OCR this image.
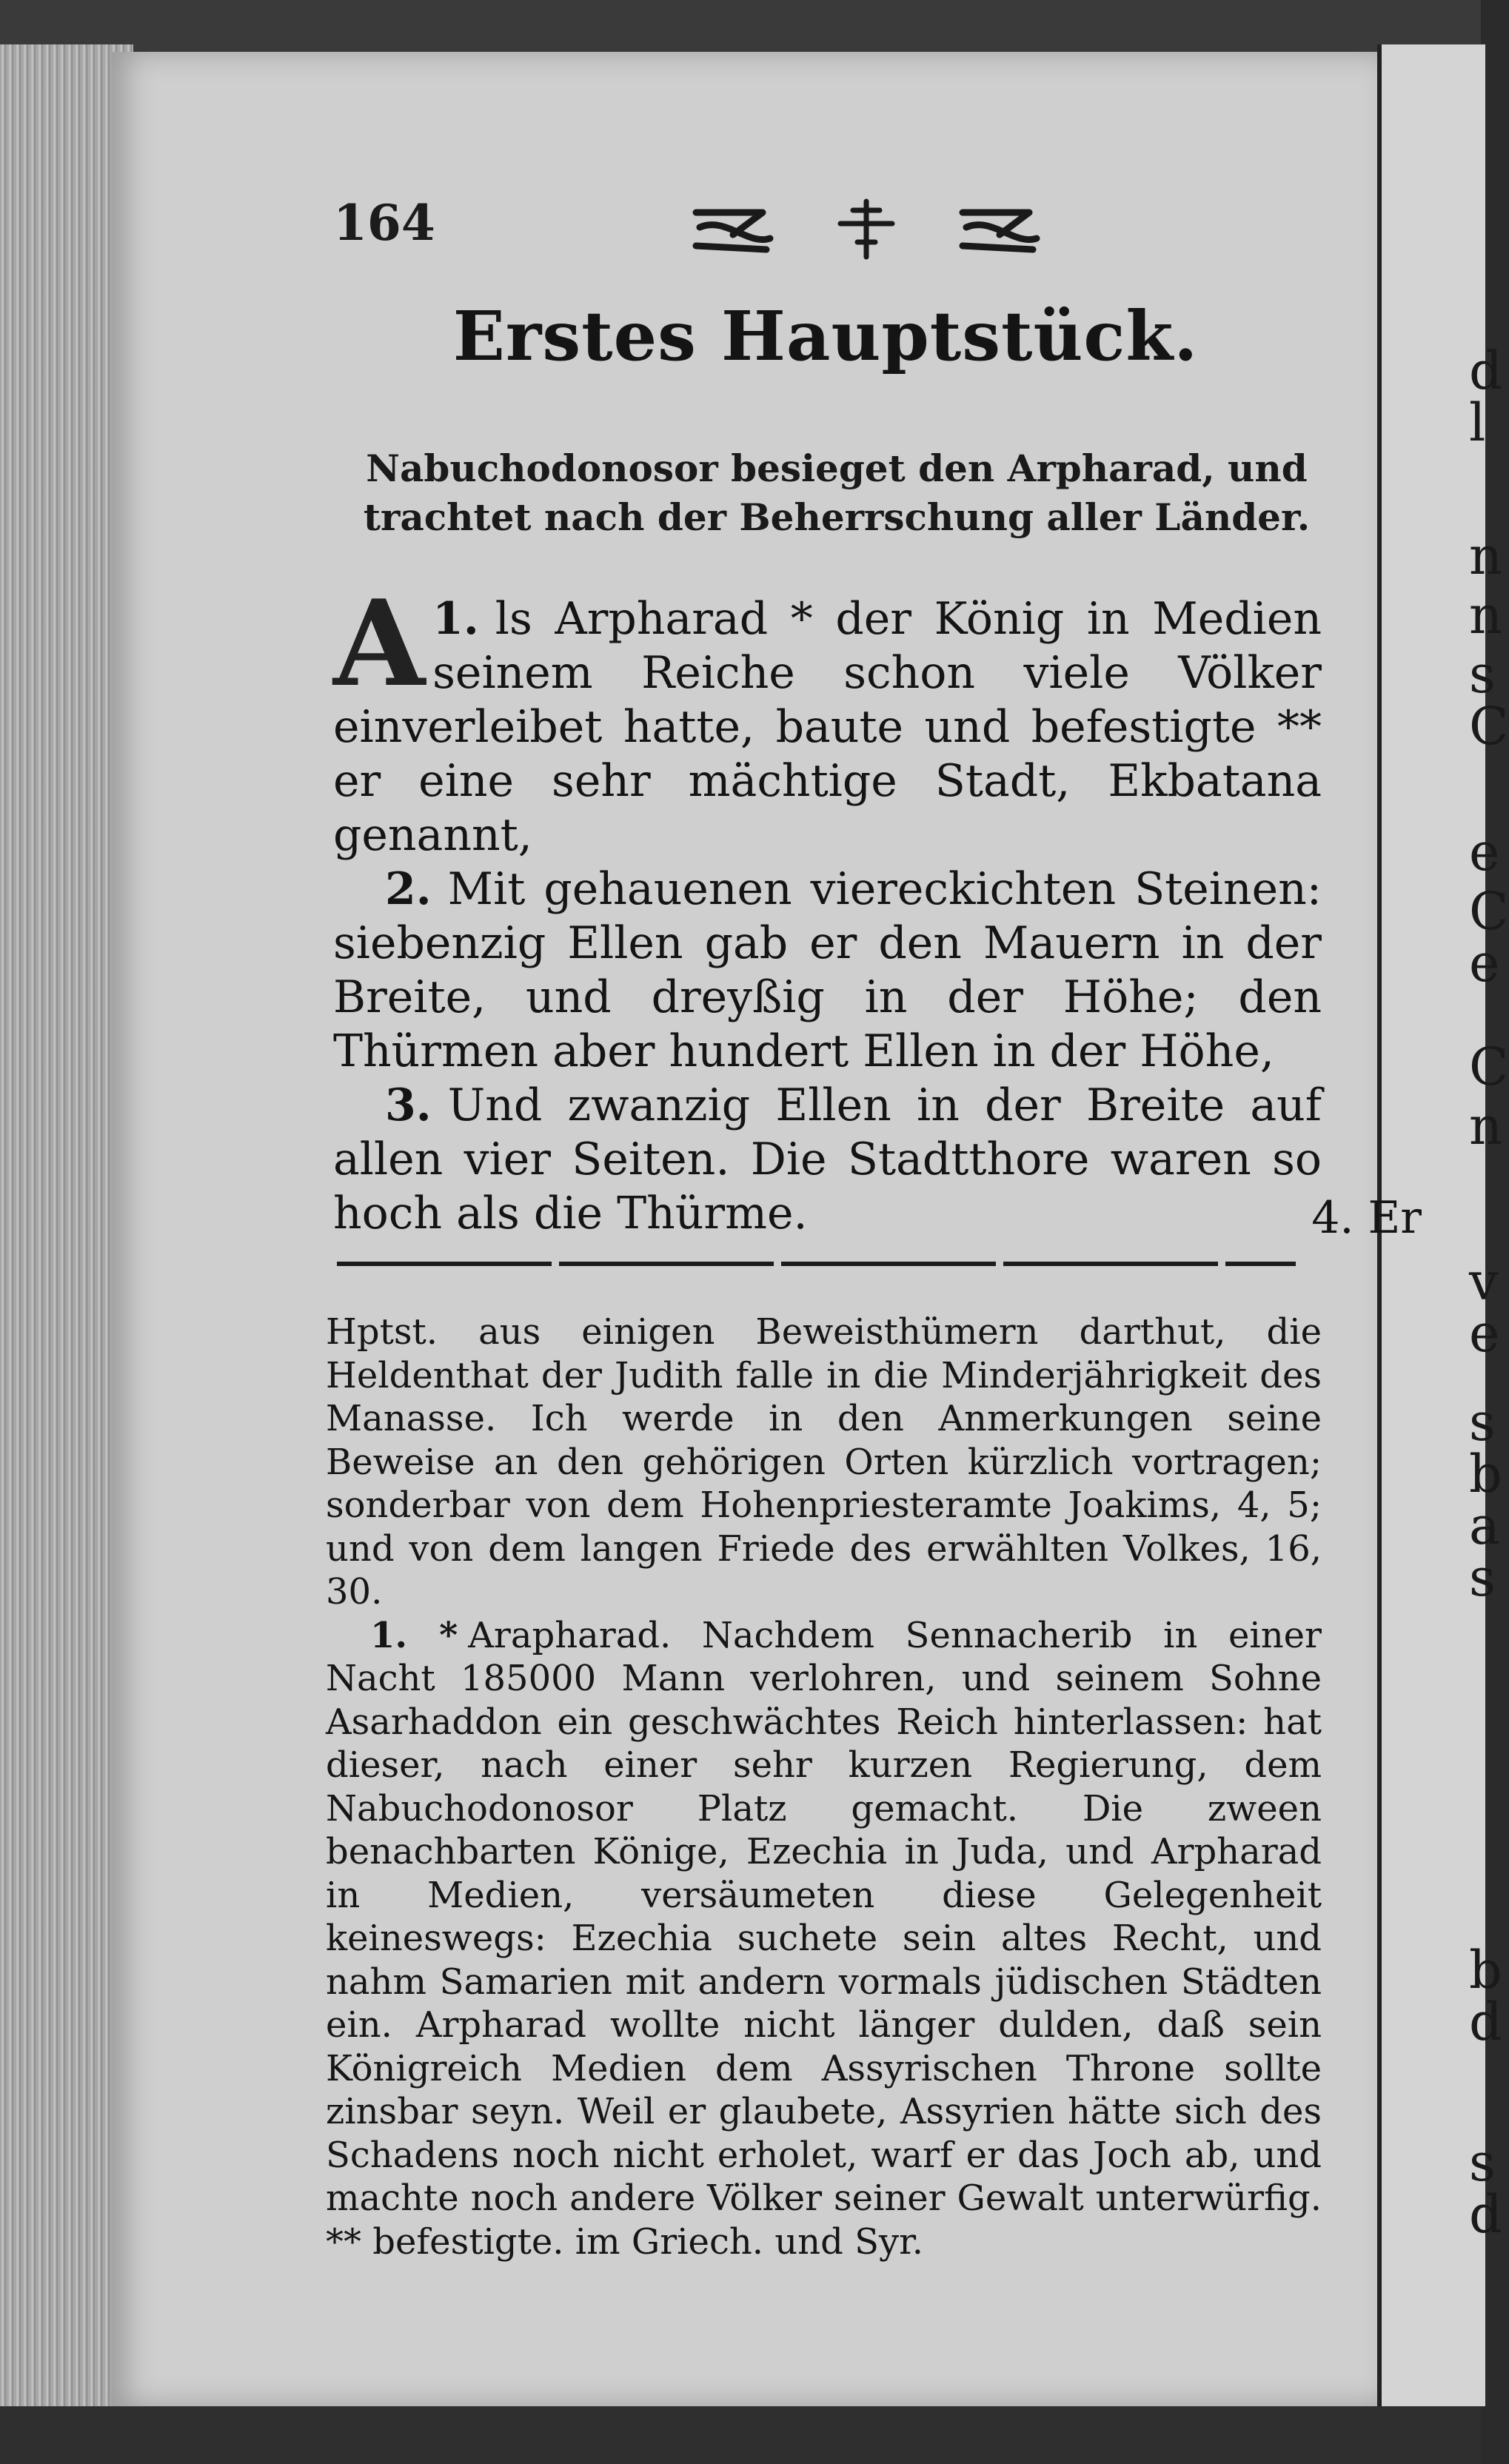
d
l
n
n
s
C
e
C
e
C
n
v
e
s
b
a
s
b
d
s
d
164
Erstes Hauptstück.
Nabuchodonosor besieget den Arpharad, und trachtet nach der Beherrschung aller Länder.

1.
A ls Arpharad * der König in Medien seinem Reiche schon viele Völker einverleibet hatte, baute und befestigte ** er eine sehr mächtige Stadt, Ekbatana genannt,

2. Mit gehauenen viereckichten Steinen: siebenzig Ellen gab er den Mauern in der Breite, und dreyßig in der Höhe; den Thürmen aber hundert Ellen in der Höhe,

3. Und zwanzig Ellen in der Breite auf allen vier Seiten. Die Stadtthore waren so hoch als die Thürme.	4. Er

Hptst. aus einigen Beweisthümern darthut, die Heldenthat der Judith falle in die Minderjährigkeit des Manasse. Ich werde in den Anmerkungen seine Beweise an den gehörigen Orten kürzlich vortragen; sonderbar von dem Hohenpriesteramte Joakims, 4, 5; und von dem langen Friede des erwählten Volkes, 16, 30.

1. * Arapharad. Nachdem Sennacherib in einer Nacht 185000 Mann verlohren, und seinem Sohne Asarhaddon ein geschwächtes Reich hinterlassen: hat dieser, nach einer sehr kurzen Regierung, dem Nabuchodonosor Platz gemacht. Die zween benachbarten Könige, Ezechia in Juda, und Arpharad in Medien, versäumeten diese Gelegenheit keineswegs: Ezechia suchete sein altes Recht, und nahm Samarien mit andern vormals jüdischen Städten ein. Arpharad wollte nicht länger dulden, daß sein Königreich Medien dem Assyrischen Throne sollte zinsbar seyn. Weil er glaubete, Assyrien hätte sich des Schadens noch nicht erholet, warf er das Joch ab, und machte noch andere Völker seiner Gewalt unterwürfig. ** befestigte. im Griech. und Syr.
